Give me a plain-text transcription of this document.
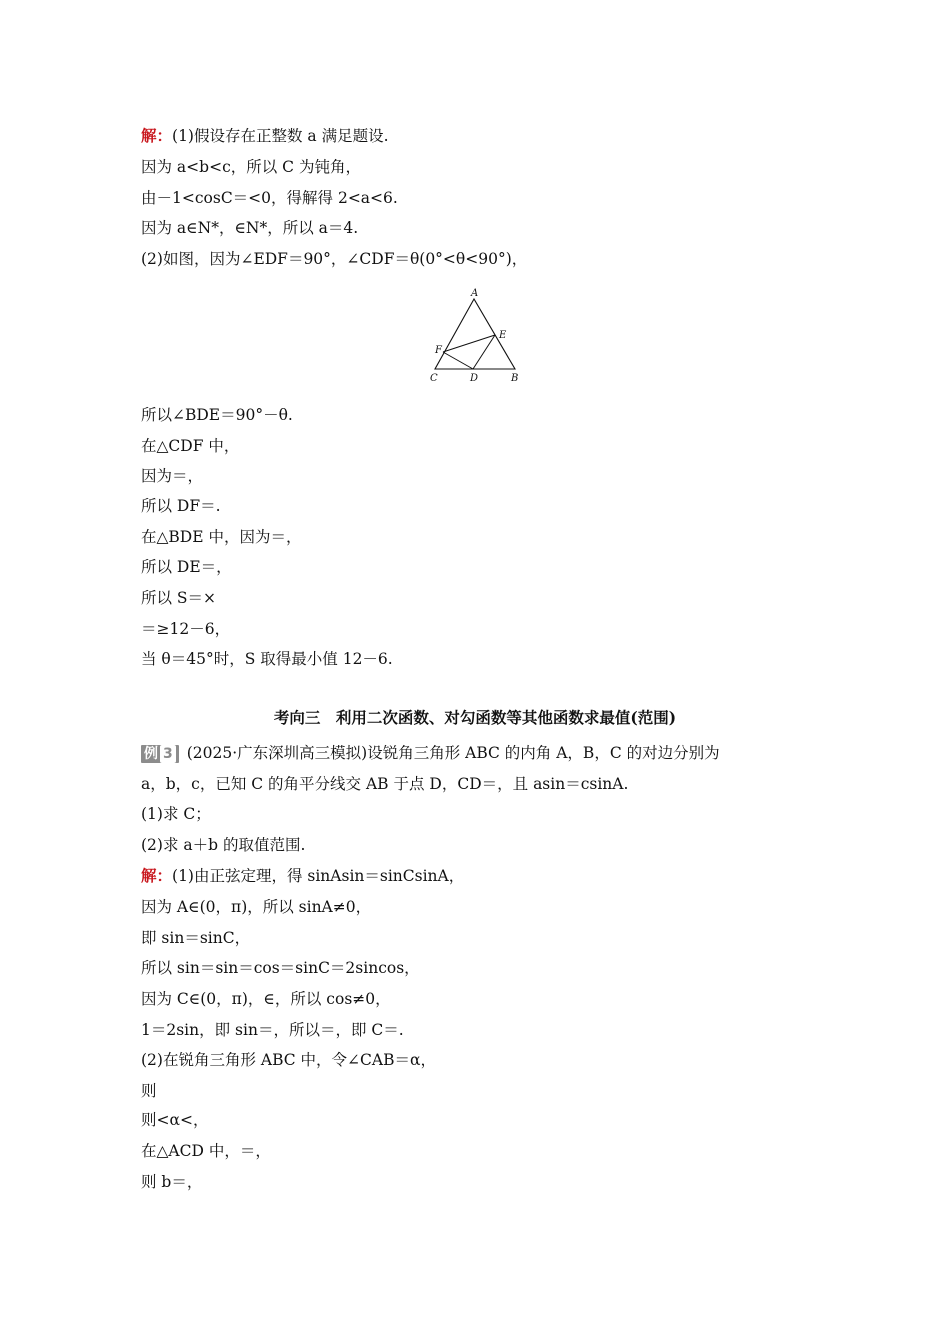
解：(1)假设存在正整数 a 满足题设.
因为 a<b<c，所以 C 为钝角，
由－1<cosC＝<0，得解得 2<a<6.
因为 a∈N*，∈N*，所以 a＝4.
(2)如图，因为∠EDF＝90°，∠CDF＝θ(0°<θ<90°)，
A
B
C	D
E
F
所以∠BDE＝90°－θ.
在△CDF 中，
因为＝，
所以 DF＝.
在△BDE 中，因为＝，
所以 DE＝，
所以 S＝×
＝≥12－6，
当 θ＝45°时，S 取得最小值 12－6.
考向三　利用二次函数、对勾函数等其他函数求最值(范围)
例 3 (2025·广东深圳高三模拟)设锐角三角形 ABC 的内角 A，B，C 的对边分别为
a，b，c，已知 C 的角平分线交 AB 于点 D，CD＝，且 asin＝csinA.
(1)求 C；
(2)求 a＋b 的取值范围.
解：(1)由正弦定理，得 sinAsin＝sinCsinA，
因为 A∈(0，π)，所以 sinA≠0，
即 sin＝sinC，
所以 sin＝sin＝cos＝sinC＝2sincos，
因为 C∈(0，π)，∈，所以 cos≠0，
1＝2sin，即 sin＝，所以＝，即 C＝.
(2)在锐角三角形 ABC 中，令∠CAB＝α，
则
则<α<，
在△ACD 中，＝，
则 b＝，
